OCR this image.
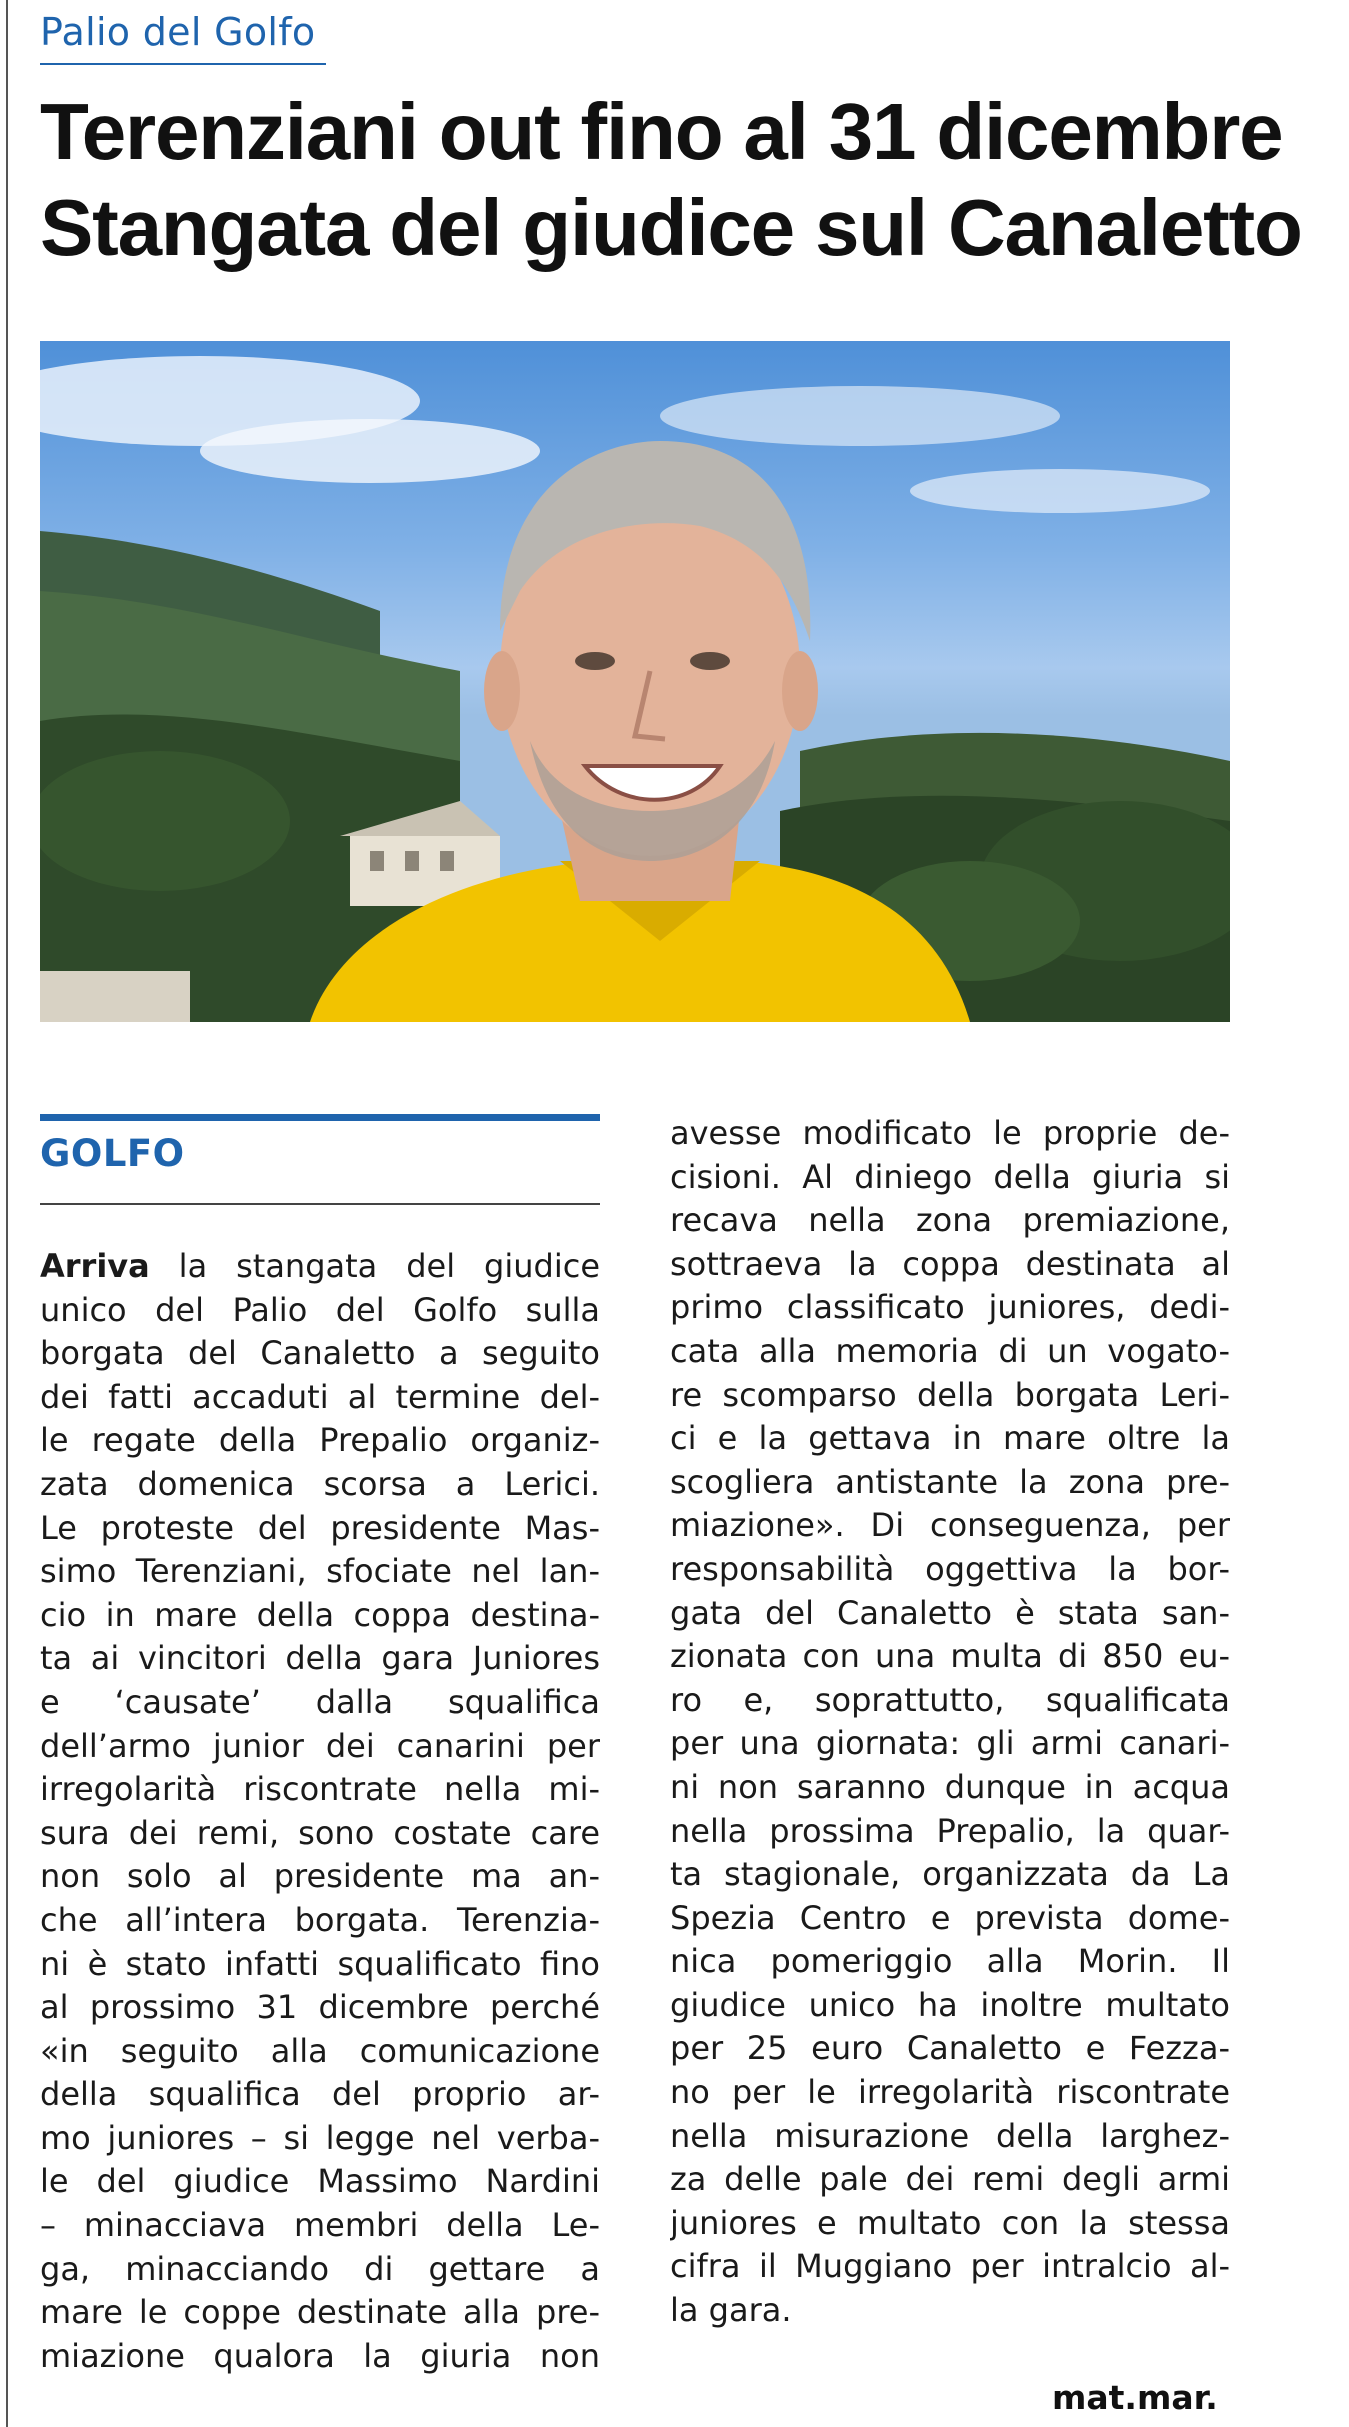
Palio del Golfo
Terenziani out fino al 31 dicembre
Stangata del giudice sul Canaletto
GOLFO
Arriva la stangata del giudice
unico del Palio del Golfo sulla
borgata del Canaletto a seguito
dei fatti accaduti al termine del-
le regate della Prepalio organiz-
zata domenica scorsa a Lerici.
Le proteste del presidente Mas-
simo Terenziani, sfociate nel lan-
cio in mare della coppa destina-
ta ai vincitori della gara Juniores
e ‘causate’ dalla squalifica
dell’armo junior dei canarini per
irregolarità riscontrate nella mi-
sura dei remi, sono costate care
non solo al presidente ma an-
che all’intera borgata. Terenzia-
ni è stato infatti squalificato fino
al prossimo 31 dicembre perché
«in seguito alla comunicazione
della squalifica del proprio ar-
mo juniores – si legge nel verba-
le del giudice Massimo Nardini
– minacciava membri della Le-
ga, minacciando di gettare a
mare le coppe destinate alla pre-
miazione qualora la giuria non
avesse modificato le proprie de-
cisioni. Al diniego della giuria si
recava nella zona premiazione,
sottraeva la coppa destinata al
primo classificato juniores, dedi-
cata alla memoria di un vogato-
re scomparso della borgata Leri-
ci e la gettava in mare oltre la
scogliera antistante la zona pre-
miazione». Di conseguenza, per
responsabilità oggettiva la bor-
gata del Canaletto è stata san-
zionata con una multa di 850 eu-
ro e, soprattutto, squalificata
per una giornata: gli armi canari-
ni non saranno dunque in acqua
nella prossima Prepalio, la quar-
ta stagionale, organizzata da La
Spezia Centro e prevista dome-
nica pomeriggio alla Morin. Il
giudice unico ha inoltre multato
per 25 euro Canaletto e Fezza-
no per le irregolarità riscontrate
nella misurazione della larghez-
za delle pale dei remi degli armi
juniores e multato con la stessa
cifra il Muggiano per intralcio al-
la gara.
mat.mar.
